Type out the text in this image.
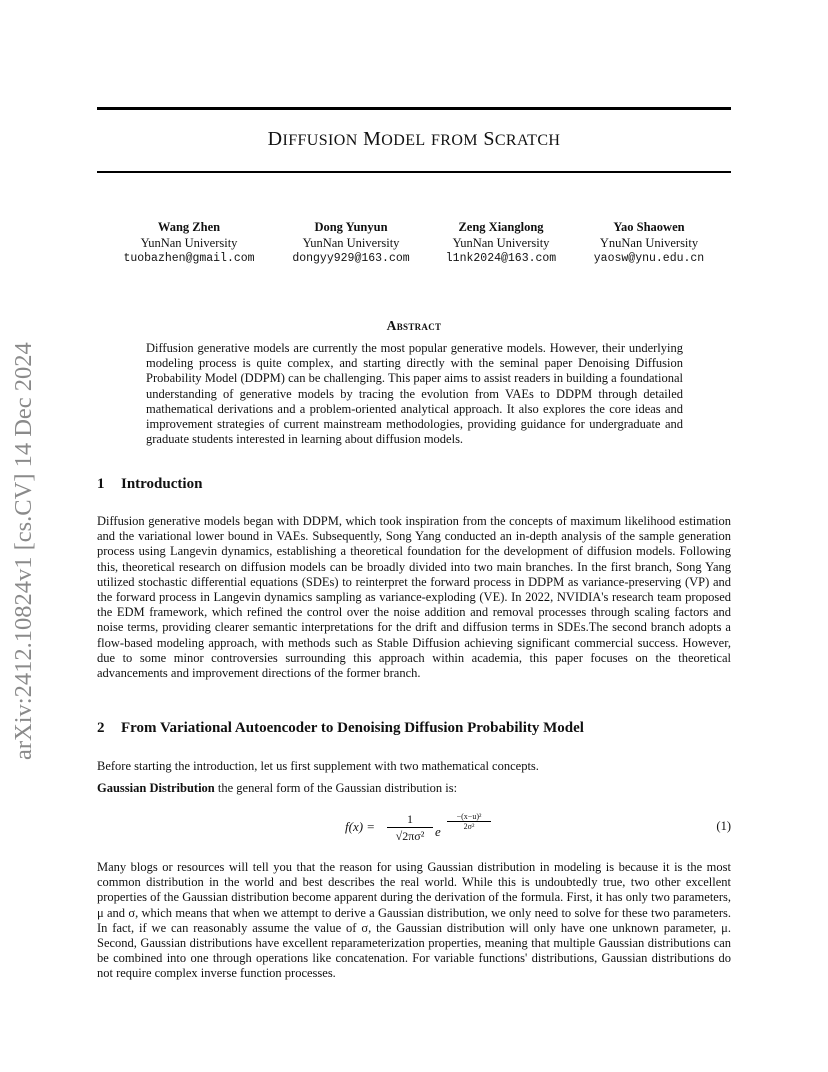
arXiv:2412.10824v1 [cs.CV] 14 Dec 2024
DIFFUSION MODEL FROM SCRATCH
Wang Zhen
YunNan University
tuobazhen@gmail.com
Dong Yunyun
YunNan University
dongyy929@163.com
Zeng Xianglong
YunNan University
l1nk2024@163.com
Yao Shaowen
YnuNan University
yaosw@ynu.edu.cn
Abstract
Diffusion generative models are currently the most popular generative models. However, their underlying modeling process is quite complex, and starting directly with the seminal paper Denoising Diffusion Probability Model (DDPM) can be challenging. This paper aims to assist readers in building a foundational understanding of generative models by tracing the evolution from VAEs to DDPM through detailed mathematical derivations and a problem-oriented analytical approach. It also explores the core ideas and improvement strategies of current mainstream methodologies, providing guidance for undergraduate and graduate students interested in learning about diffusion models.
1 Introduction
Diffusion generative models began with DDPM, which took inspiration from the concepts of maximum likelihood estimation and the variational lower bound in VAEs. Subsequently, Song Yang conducted an in-depth analysis of the sample generation process using Langevin dynamics, establishing a theoretical foundation for the development of diffusion models. Following this, theoretical research on diffusion models can be broadly divided into two main branches. In the first branch, Song Yang utilized stochastic differential equations (SDEs) to reinterpret the forward process in DDPM as variance-preserving (VP) and the forward process in Langevin dynamics sampling as variance-exploding (VE). In 2022, NVIDIA's research team proposed the EDM framework, which refined the control over the noise addition and removal processes through scaling factors and noise terms, providing clearer semantic interpretations for the drift and diffusion terms in SDEs.The second branch adopts a flow-based modeling approach, with methods such as Stable Diffusion achieving significant commercial success. However, due to some minor controversies surrounding this approach within academia, this paper focuses on the theoretical advancements and improvement directions of the former branch.
2 From Variational Autoencoder to Denoising Diffusion Probability Model
Before starting the introduction, let us first supplement with two mathematical concepts.
Gaussian Distribution the general form of the Gaussian distribution is:
f(x) =	1
√2πσ² e
−(x−u)²
2σ²	(1)
Many blogs or resources will tell you that the reason for using Gaussian distribution in modeling is because it is the most common distribution in the world and best describes the real world. While this is undoubtedly true, two other excellent properties of the Gaussian distribution become apparent during the derivation of the formula. First, it has only two parameters, μ and σ, which means that when we attempt to derive a Gaussian distribution, we only need to solve for these two parameters. In fact, if we can reasonably assume the value of σ, the Gaussian distribution will only have one unknown parameter, μ. Second, Gaussian distributions have excellent reparameterization properties, meaning that multiple Gaussian distributions can be combined into one through operations like concatenation. For variable functions' distributions, Gaussian distributions do not require complex inverse function processes.
